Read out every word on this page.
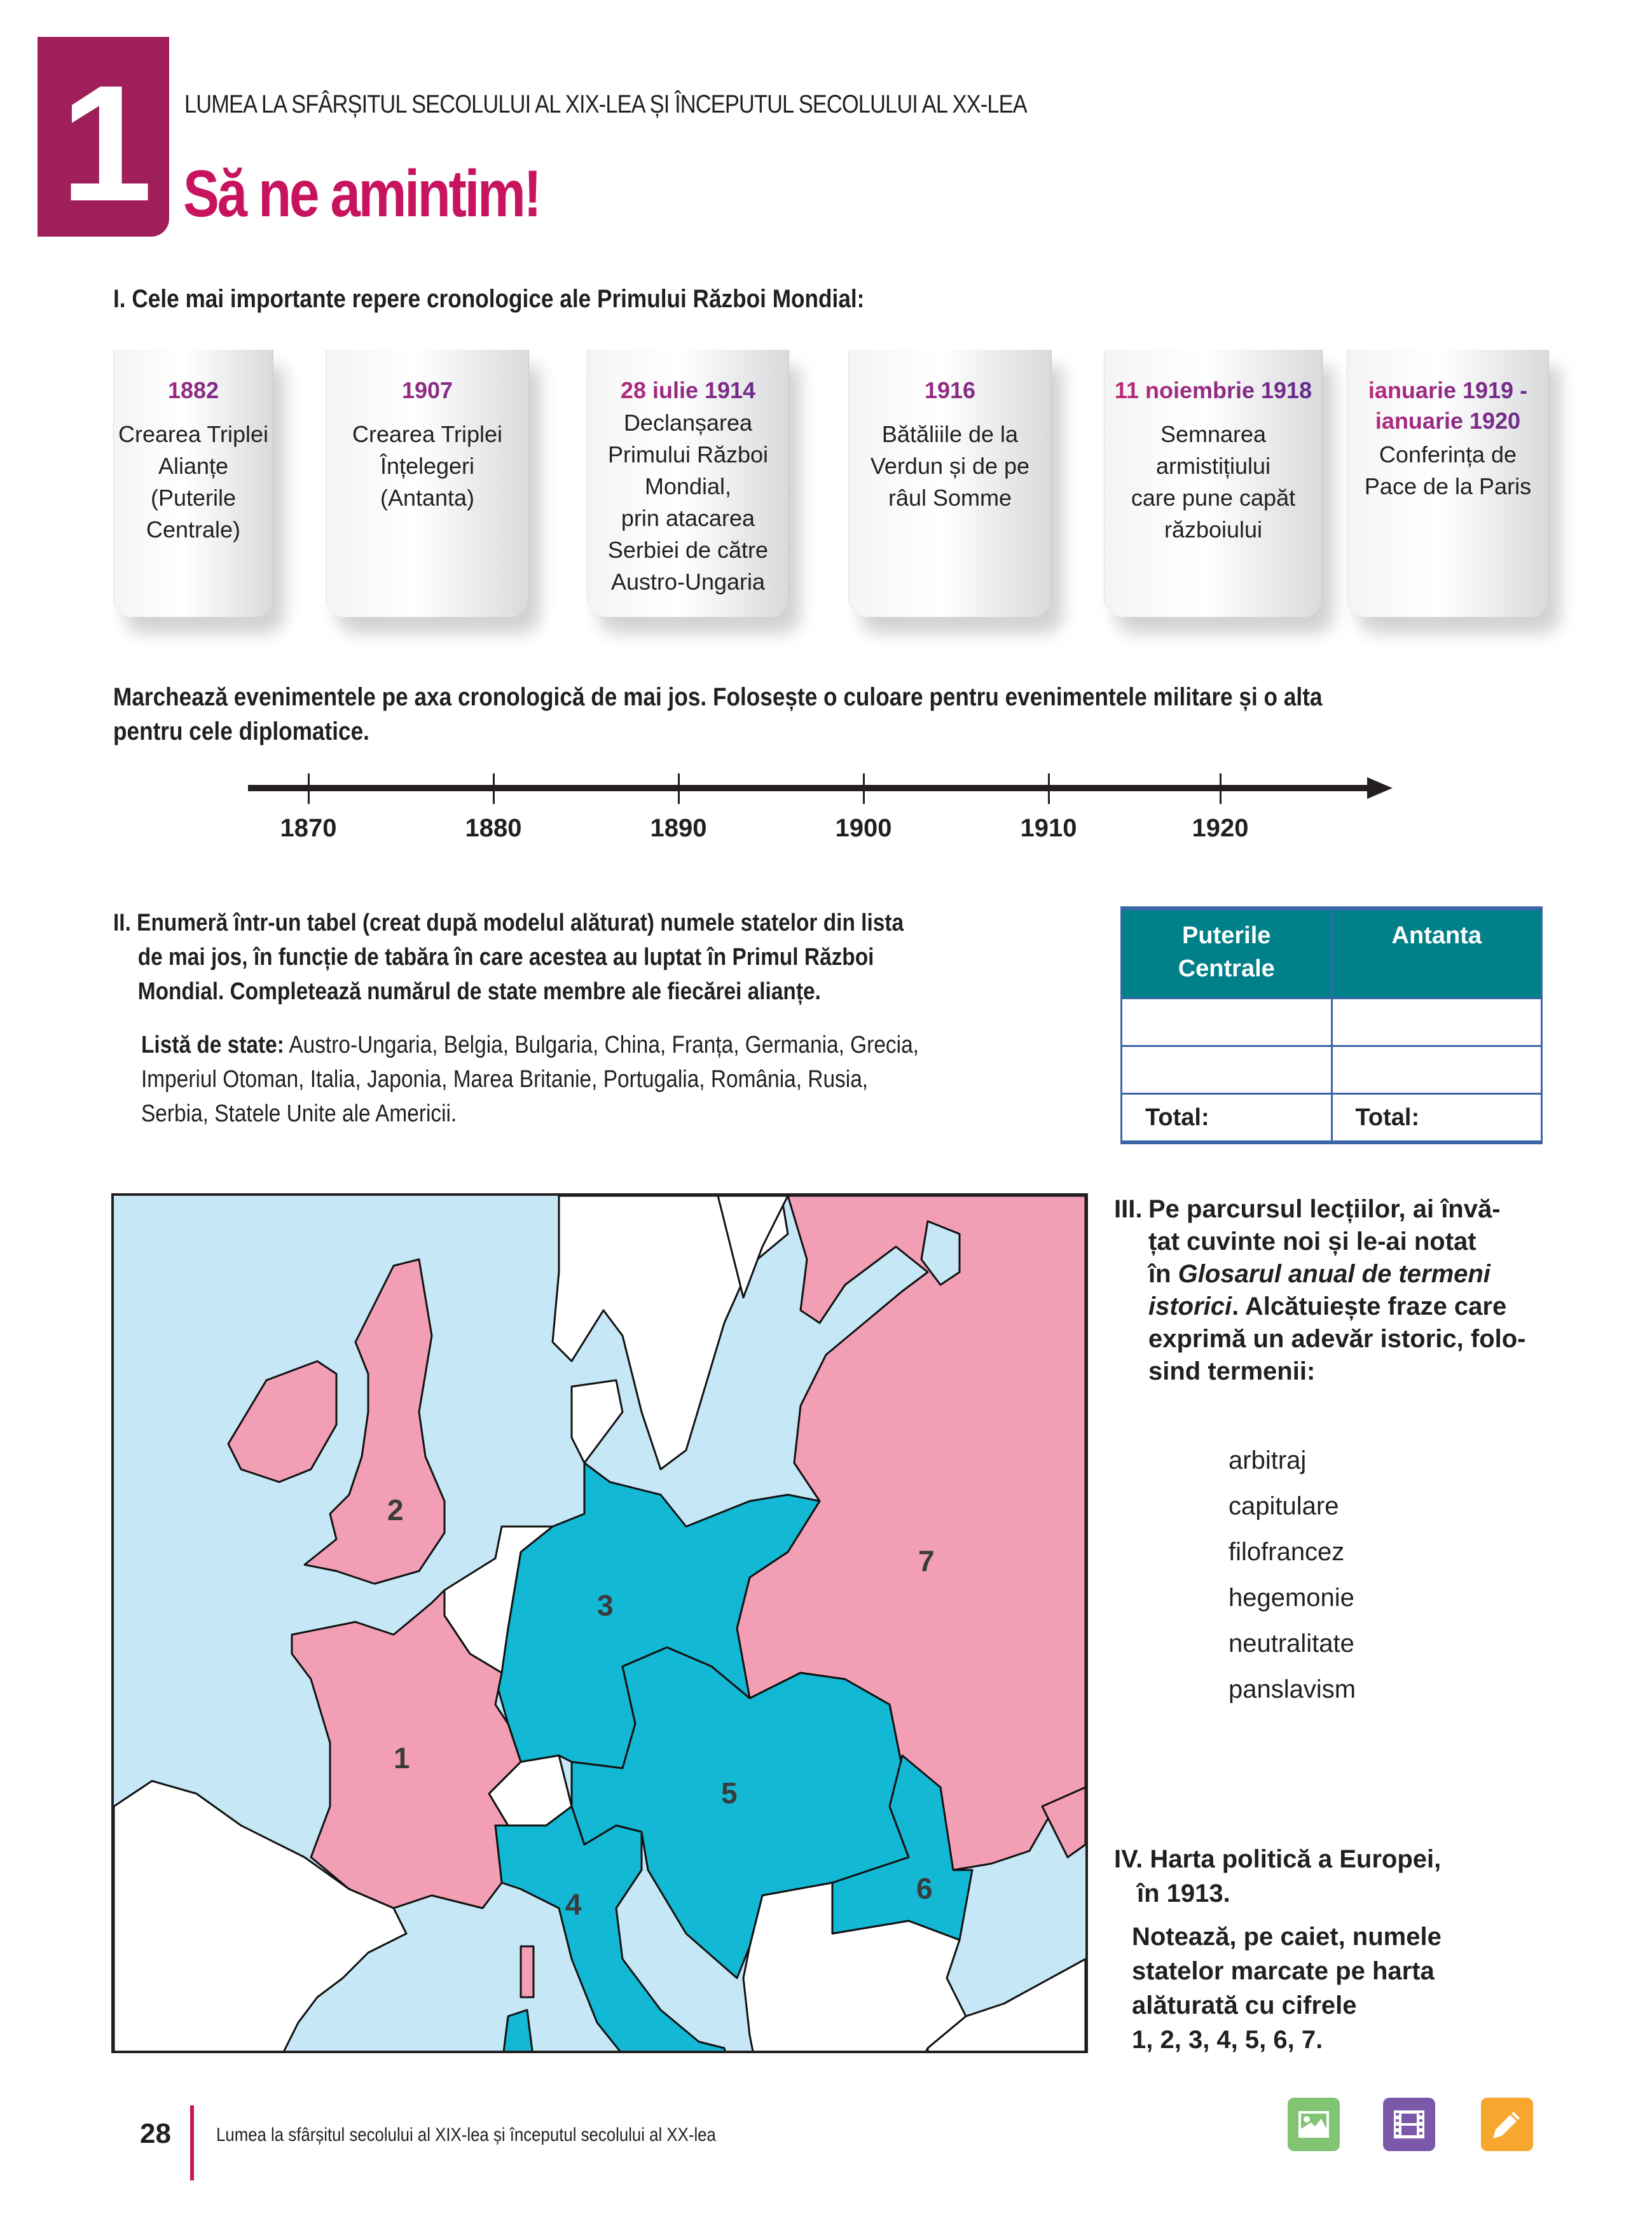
1	LUMEA LA SFÂRȘITUL SECOLULUI AL XIX-LEA ȘI ÎNCEPUTUL SECOLULUI AL XX-LEA
Să ne amintim!
I. Cele mai importante repere cronologice ale Primului Război Mondial:
1882
Crearea Triplei
Alianțe
(Puterile
Centrale)
1907
Crearea Triplei
Înțelegeri
(Antanta)
28 iulie 1914
Declanșarea
Primului Război
Mondial,
prin atacarea
Serbiei de către
Austro-Ungaria
1916
Bătăliile de la
Verdun și de pe
râul Somme
11 noiembrie 1918
Semnarea
armistițiului
care pune capăt
războiului
ianuarie 1919 -
ianuarie 1920
Conferința de
Pace de la Paris
Marchează evenimentele pe axa cronologică de mai jos. Folosește o culoare pentru evenimentele militare și o alta
pentru cele diplomatice.
1870	1880	1890	1900	1910	1920
II. Enumeră într-un tabel (creat după modelul alăturat) numele statelor din lista
de mai jos, în funcție de tabăra în care acestea au luptat în Primul Război
Mondial. Completează numărul de state membre ale fiecărei alianțe.
Listă de state: Austro-Ungaria, Belgia, Bulgaria, China, Franța, Germania, Grecia,
Imperiul Otoman, Italia, Japonia, Marea Britanie, Portugalia, România, Rusia,
Serbia, Statele Unite ale Americii.
Puterile
Centrale	Antanta

Total:	Total:
2
1
3
4
5
6
7
III. Pe parcursul lecțiilor, ai învă-
țat cuvinte noi și le-ai notat
în Glosarul anual de termeni
istorici. Alcătuiește fraze care
exprimă un adevăr istoric, folo-
sind termenii:
arbitraj
capitulare
filofrancez
hegemonie
neutralitate
panslavism
IV. Harta politică a Europei,
în 1913.
Notează, pe caiet, numele
statelor marcate pe harta
alăturată cu cifrele
1, 2, 3, 4, 5, 6, 7.
28 Lumea la sfârșitul secolului al XIX-lea și începutul secolului al XX-lea
